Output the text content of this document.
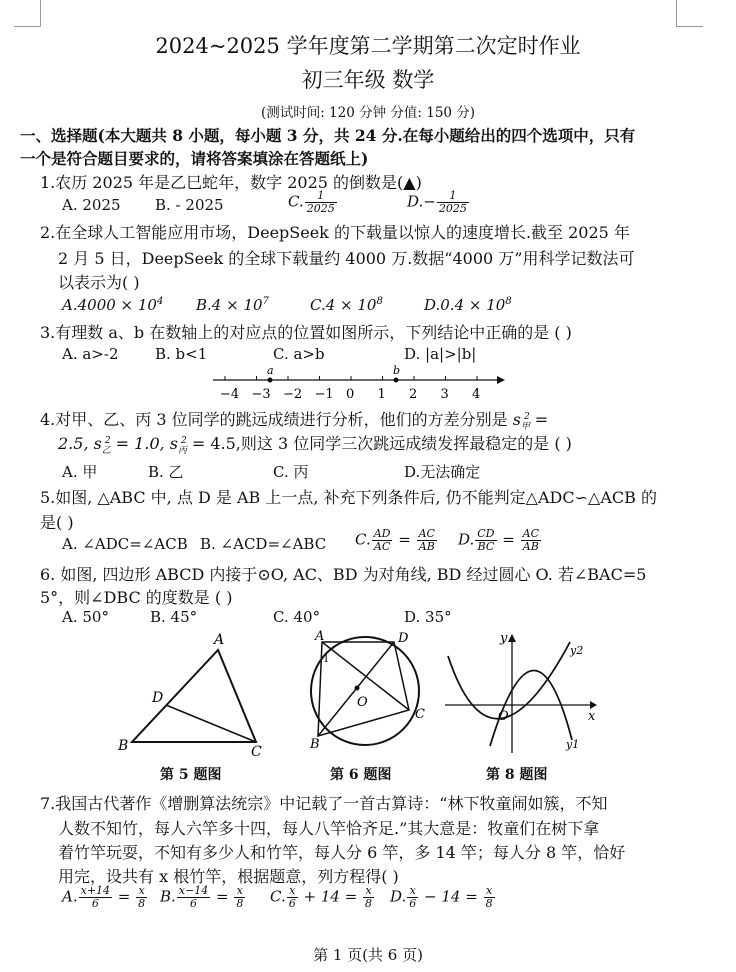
2024~2025 学年度第二学期第二次定时作业
初三年级 数学
(测试时间: 120 分钟 分值: 150 分)
一、选择题(本大题共 8 小题，每小题 3 分，共 24 分.在每小题给出的四个选项中，只有
一个是符合题目要求的，请将答案填涂在答题纸上)
1.农历 2025 年是乙巳蛇年，数字 2025 的倒数是(▲)
A. 2025 B. - 2025	C. $\frac{1}{2025}$	$D.- \frac{1}{2025}$
2.在全球人工智能应用市场，DeepSeek 的下载量以惊人的速度增长.截至 2025 年
2 月 5 日，DeepSeek 的全球下载量约 4000 万.数据“4000 万”用科学记数法可
以表示为( )
$A.4000 \times 10^4$ $B.4 \times 10^7$	$C.4 \times 10^8$	$D.0.4 \times 10^8$
3.有理数 a、b 在数轴上的对应点的位置如图所示，下列结论中正确的是 ( )
A. a>-2 B. b<1	C. a>b	D. |a|>|b|
−4 −3 −2 −1 0 1 2 3 4
a	b
4.对甲、乙、丙 3 位同学的跳远成绩进行分析，他们的方差分别是 $s_甲^2$ =
2.5, $s_乙^2 = 1.0$, $s_丙^2 = 4.5$,则这 3 位同学三次跳远成绩发挥最稳定的是 ( )
A. 甲	B. 乙	C. 丙	D.无法确定
5.如图, △ABC 中, 点 D 是 AB 上一点, 补充下列条件后, 仍不能判定△ADC∽△ACB 的
是( )
A. ∠ADC=∠ACB B. ∠ACD=∠ABC C. $\frac{AD}{AC} = \frac{AC}{AB} D$. $\frac{CD}{BC} = \frac{AC}{AB}$
6. 如图, 四边形 ABCD 内接于⊙O, AC、BD 为对角线, BD 经过圆心 O. 若∠BAC=5
5°，则∠DBC 的度数是 ( )
A. 50°	B. 45°	C. 40°	D. 35°
A
D
B	C
A	D
O
B
C
1
y
y2
O	x
y1
第 5 题图	第 6 题图	第 8 题图
7.我国古代著作《增删算法统宗》中记载了一首古算诗：“林下牧童闹如簇，不知
人数不知竹，每人六竿多十四，每人八竿恰齐足.”其大意是：牧童们在树下拿
着竹竿玩耍，不知有多少人和竹竿，每人分 6 竿，多 14 竿；每人分 8 竿，恰好
用完，设共有 x 根竹竿，根据题意，列方程得( )
A. $\frac{x+14}{6} = \frac{x}{8} B$. $\frac{x-14}{6} = \frac{x}{8} C$. $\frac{x}{6} + 14 = \frac{x}{8} D$. $\frac{x}{6} - 14 = \frac{x}{8}$
第 1 页(共 6 页)
